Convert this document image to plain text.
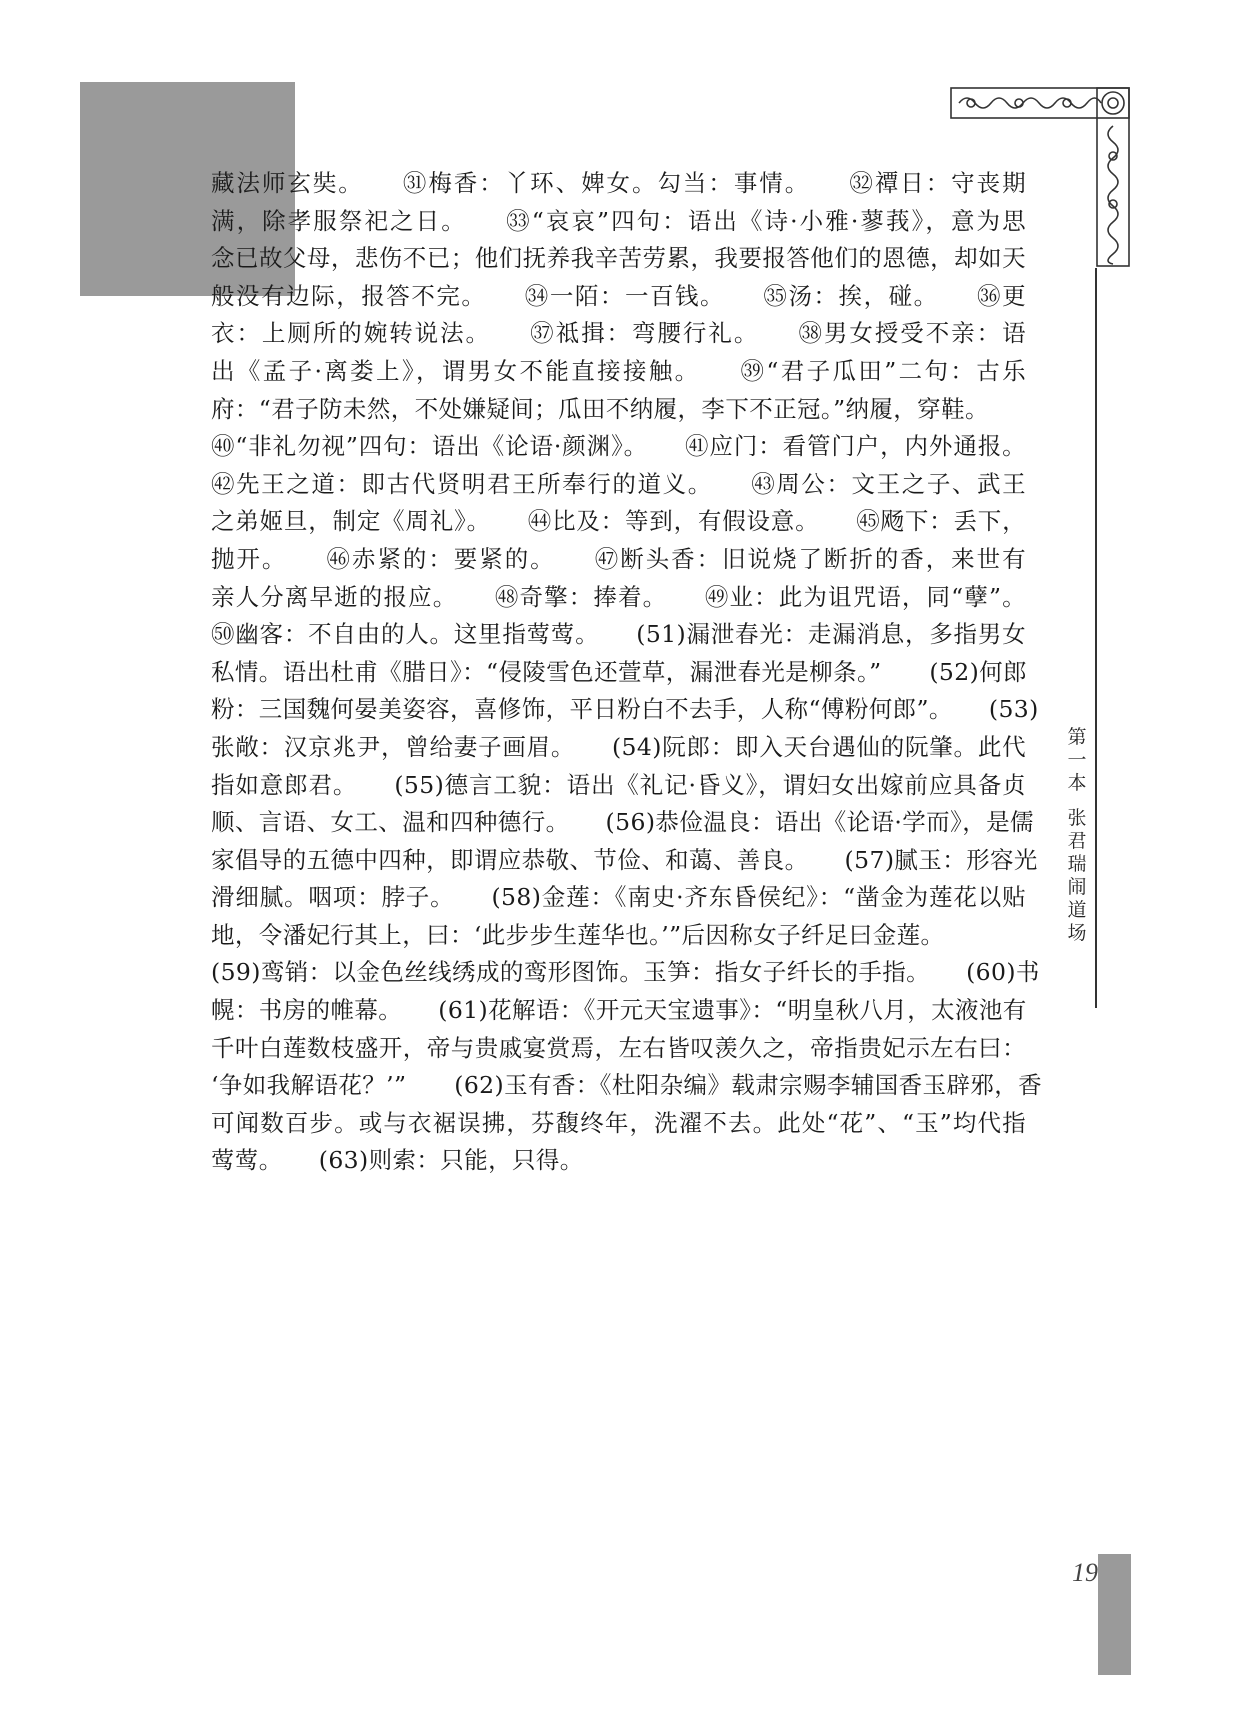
藏法师玄奘。　　㉛梅香：丫环、婢女。勾当：事情。　　㉜禫日：守丧期
满，除孝服祭祀之日。　　㉝“哀哀”四句：语出《诗·小雅·蓼莪》，意为思
念已故父母，悲伤不已；他们抚养我辛苦劳累，我要报答他们的恩德，却如天
般没有边际，报答不完。　　㉞一陌：一百钱。　　㉟汤：挨，碰。　　㊱更
衣：上厕所的婉转说法。　　㊲祗揖：弯腰行礼。　　㊳男女授受不亲：语
出《孟子·离娄上》，谓男女不能直接接触。　　㊴“君子瓜田”二句：古乐
府：“君子防未然，不处嫌疑间；瓜田不纳履，李下不正冠。”纳履，穿鞋。
㊵“非礼勿视”四句：语出《论语·颜渊》。　　㊶应门：看管门户，内外通报。
㊷先王之道：即古代贤明君王所奉行的道义。　　㊸周公：文王之子、武王
之弟姬旦，制定《周礼》。　　㊹比及：等到，有假设意。　　㊺飏下：丢下，
抛开。　　㊻赤紧的：要紧的。　　㊼断头香：旧说烧了断折的香，来世有
亲人分离早逝的报应。　　㊽奇擎：捧着。　　㊾业：此为诅咒语，同“孽”。
㊿幽客：不自由的人。这里指莺莺。　　(51)漏泄春光：走漏消息，多指男女
私情。语出杜甫《腊日》：“侵陵雪色还萱草，漏泄春光是柳条。”　　(52)何郎
粉：三国魏何晏美姿容，喜修饰，平日粉白不去手，人称“傅粉何郎”。　　(53)
张敞：汉京兆尹，曾给妻子画眉。　　(54)阮郎：即入天台遇仙的阮肇。此代
指如意郎君。　　(55)德言工貌：语出《礼记·昏义》，谓妇女出嫁前应具备贞
顺、言语、女工、温和四种德行。　　(56)恭俭温良：语出《论语·学而》，是儒
家倡导的五德中四种，即谓应恭敬、节俭、和蔼、善良。　　(57)腻玉：形容光
滑细腻。咽项：脖子。　　(58)金莲：《南史·齐东昏侯纪》：“凿金为莲花以贴
地，令潘妃行其上，曰：‘此步步生莲华也。’”后因称女子纤足曰金莲。
(59)鸾销：以金色丝线绣成的鸾形图饰。玉笋：指女子纤长的手指。　　(60)书
幌：书房的帷幕。　　(61)花解语：《开元天宝遗事》：“明皇秋八月，太液池有
千叶白莲数枝盛开，帝与贵戚宴赏焉，左右皆叹羡久之，帝指贵妃示左右曰：
‘争如我解语花？’”　　(62)玉有香：《杜阳杂编》载肃宗赐李辅国香玉辟邪，香
可闻数百步。或与衣裾误拂，芬馥终年，洗濯不去。此处“花”、“玉”均代指
莺莺。　　(63)则索：只能，只得。
第
一
本
张
君
瑞
闹
道
场
19
